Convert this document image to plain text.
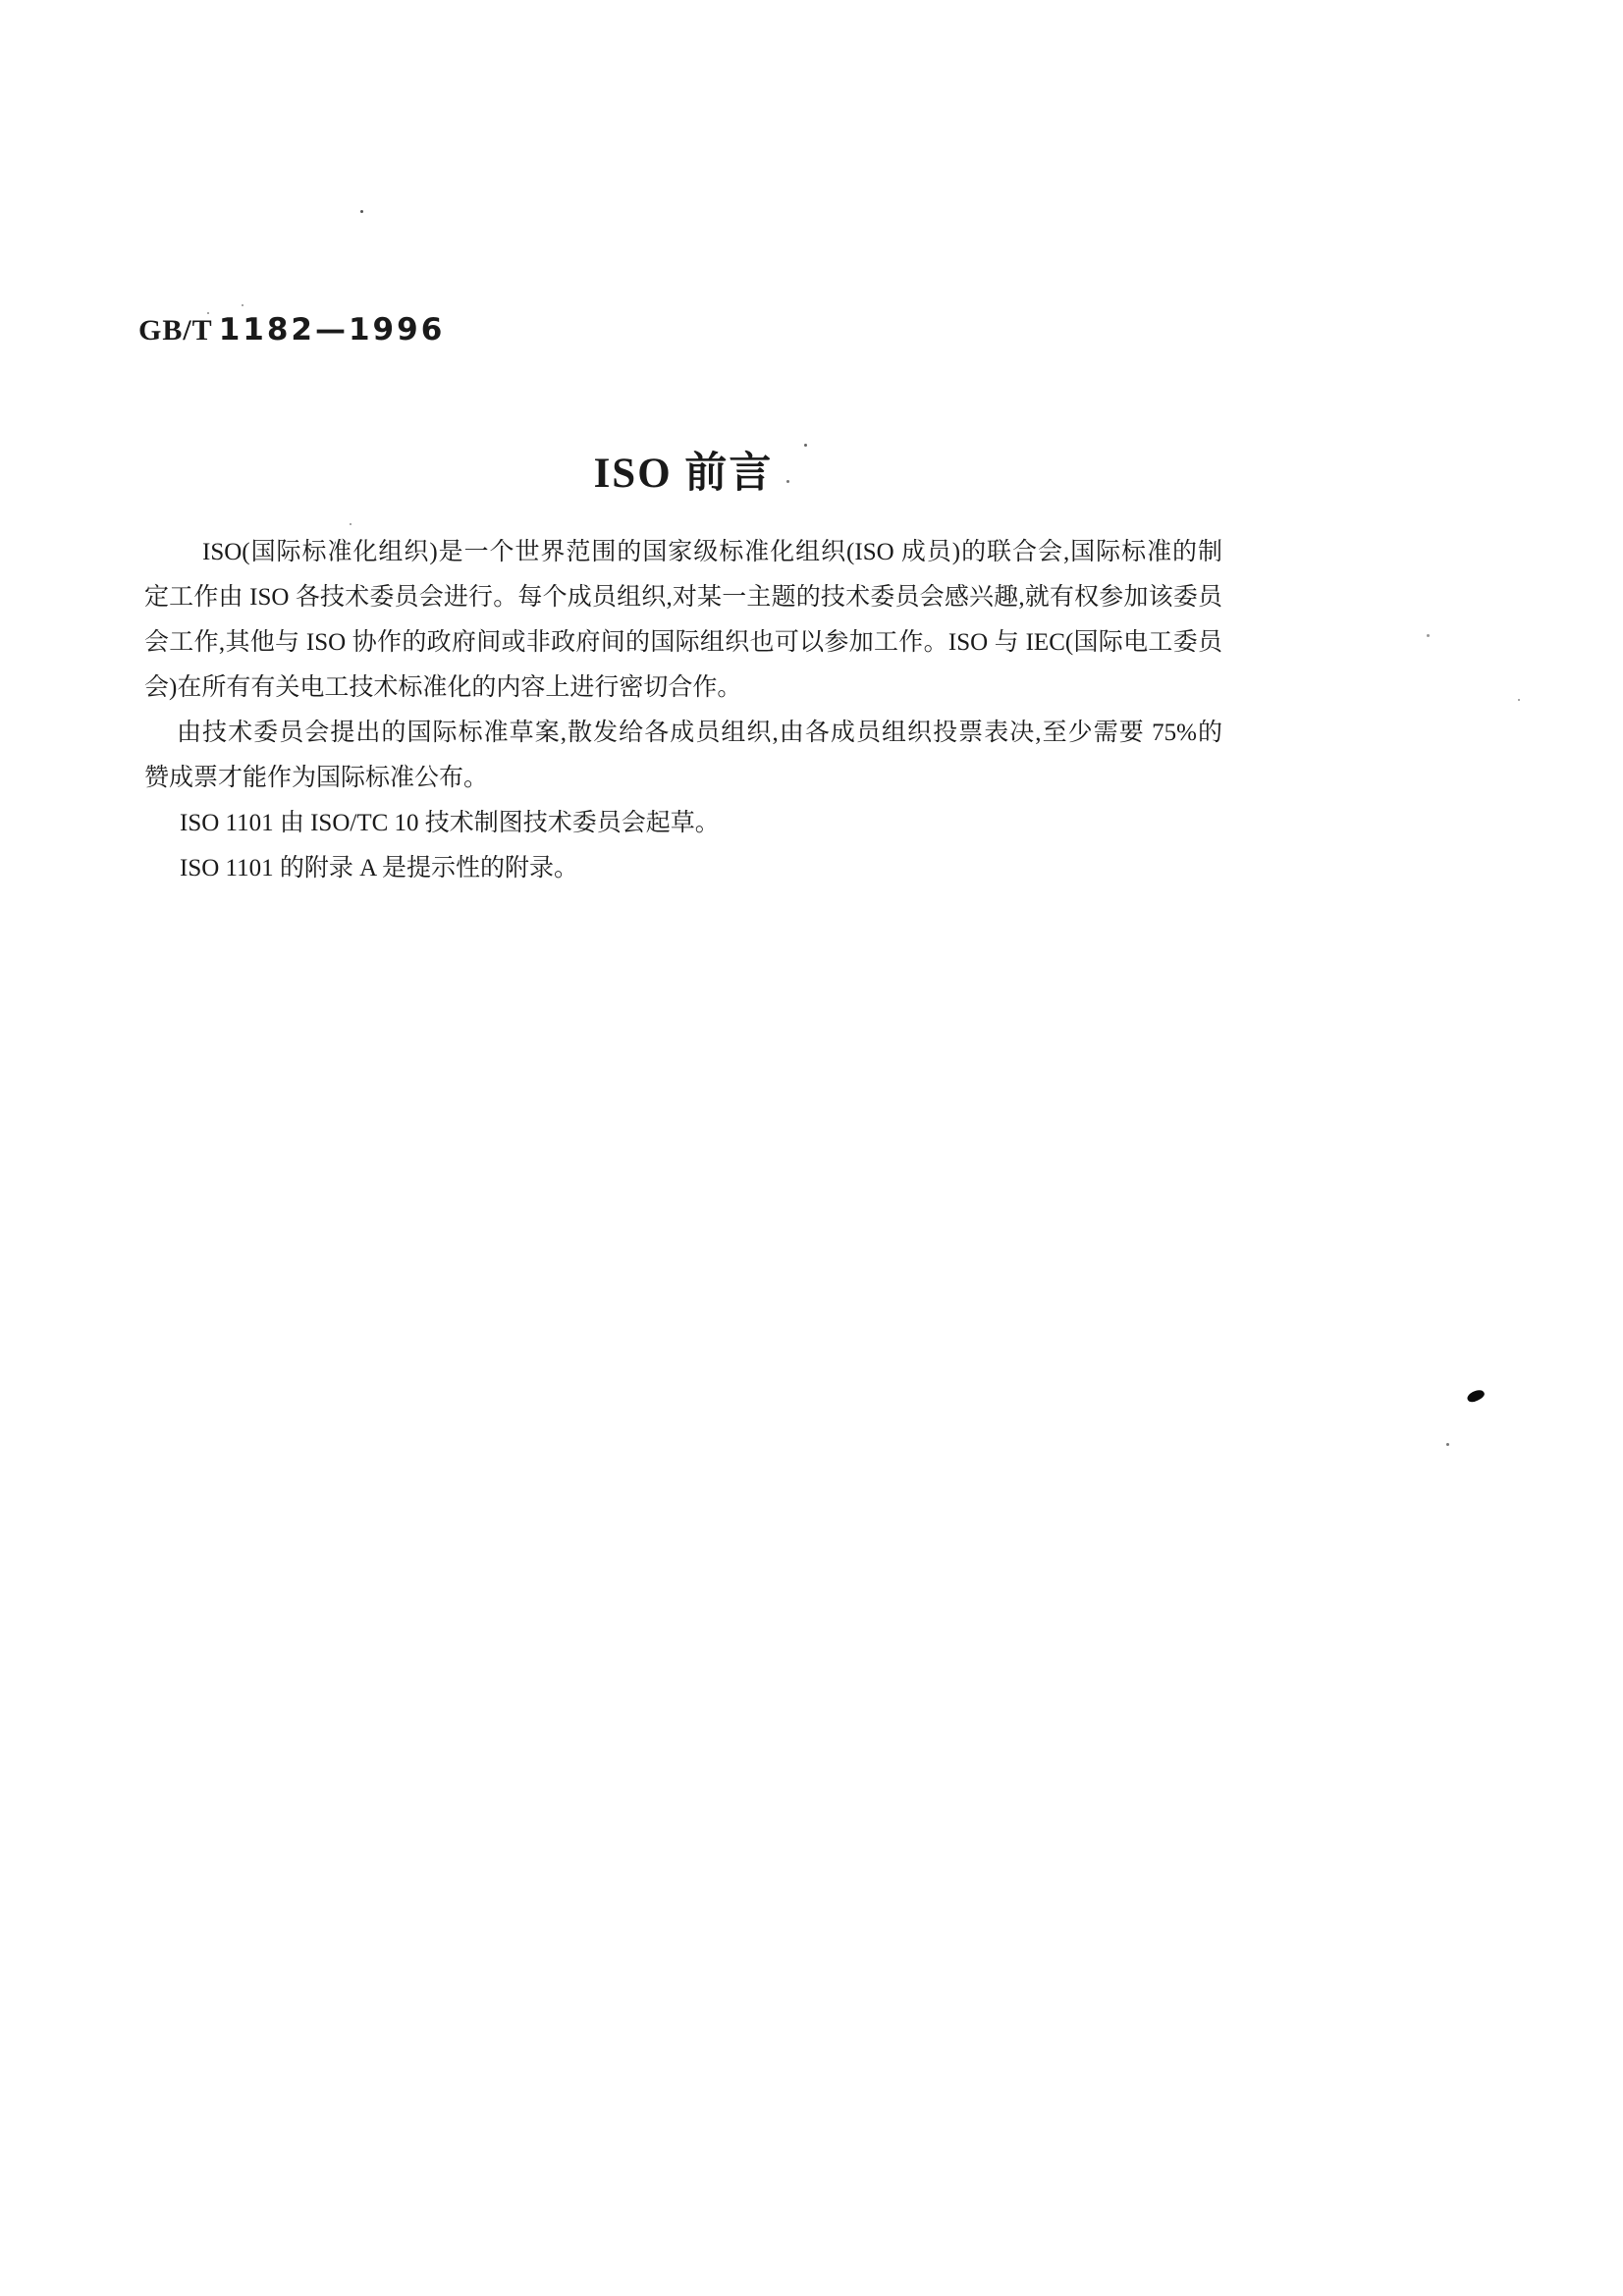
GB/T 1182—1996
ISO 前言
ISO(国际标准化组织)是一个世界范围的国家级标准化组织(ISO 成员)的联合会,国际标准的制
定工作由 ISO 各技术委员会进行。每个成员组织,对某一主题的技术委员会感兴趣,就有权参加该委员
会工作,其他与 ISO 协作的政府间或非政府间的国际组织也可以参加工作。ISO 与 IEC(国际电工委员
会)在所有有关电工技术标准化的内容上进行密切合作。
由技术委员会提出的国际标准草案,散发给各成员组织,由各成员组织投票表决,至少需要 75%的
赞成票才能作为国际标准公布。
ISO 1101 由 ISO/TC 10 技术制图技术委员会起草。
ISO 1101 的附录 A 是提示性的附录。
